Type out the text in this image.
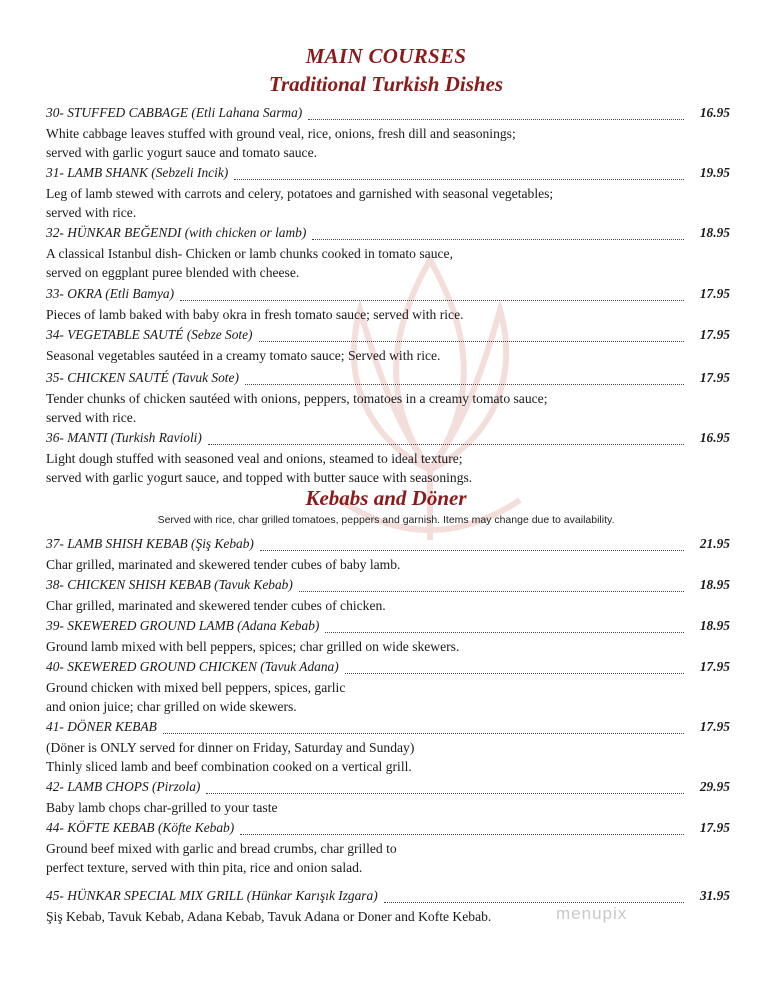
MAIN COURSES
Traditional Turkish Dishes
30- STUFFED CABBAGE (Etli Lahana Sarma)	16.95
White cabbage leaves stuffed with ground veal, rice, onions, fresh dill and seasonings;
served with garlic yogurt sauce and tomato sauce.
31- LAMB SHANK (Sebzeli Incik)	19.95
Leg of lamb stewed with carrots and celery, potatoes and garnished with seasonal vegetables;
served with rice.
32- HÜNKAR BEĞENDI (with chicken or lamb)	18.95
A classical Istanbul dish- Chicken or lamb chunks cooked in tomato sauce,
served on eggplant puree blended with cheese.
33- OKRA (Etli Bamya)	17.95
Pieces of lamb baked with baby okra in fresh tomato sauce; served with rice.
34- VEGETABLE SAUTÉ (Sebze Sote)	17.95
Seasonal vegetables sautéed in a creamy tomato sauce; Served with rice.
35- CHICKEN SAUTÉ (Tavuk Sote)	17.95
Tender chunks of chicken sautéed with onions, peppers, tomatoes in a creamy tomato sauce;
served with rice.
36- MANTI (Turkish Ravioli)	16.95
Light dough stuffed with seasoned veal and onions, steamed to ideal texture;
served with garlic yogurt sauce, and topped with butter sauce with seasonings.
Kebabs and Döner
Served with rice, char grilled tomatoes, peppers and garnish. Items may change due to availability.
37- LAMB SHISH KEBAB (Şiş Kebab)	21.95
Char grilled, marinated and skewered tender cubes of baby lamb.
38- CHICKEN SHISH KEBAB (Tavuk Kebab)	18.95
Char grilled, marinated and skewered tender cubes of chicken.
39- SKEWERED GROUND LAMB (Adana Kebab)	18.95
Ground lamb mixed with bell peppers, spices; char grilled on wide skewers.
40- SKEWERED GROUND CHICKEN (Tavuk Adana)	17.95
Ground chicken with mixed bell peppers, spices, garlic
and onion juice; char grilled on wide skewers.
41- DÖNER KEBAB	17.95
(Döner is ONLY served for dinner on Friday, Saturday and Sunday)
Thinly sliced lamb and beef combination cooked on a vertical grill.
42- LAMB CHOPS (Pirzola)	29.95
Baby lamb chops char-grilled to your taste
44- KÖFTE KEBAB (Köfte Kebab)	17.95
Ground beef mixed with garlic and bread crumbs, char grilled to
perfect texture, served with thin pita, rice and onion salad.
45- HÜNKAR SPECIAL MIX GRILL (Hünkar Karışık Izgara)	31.95
Şiş Kebab, Tavuk Kebab, Adana Kebab, Tavuk Adana or Doner and Kofte Kebab.	menupix
